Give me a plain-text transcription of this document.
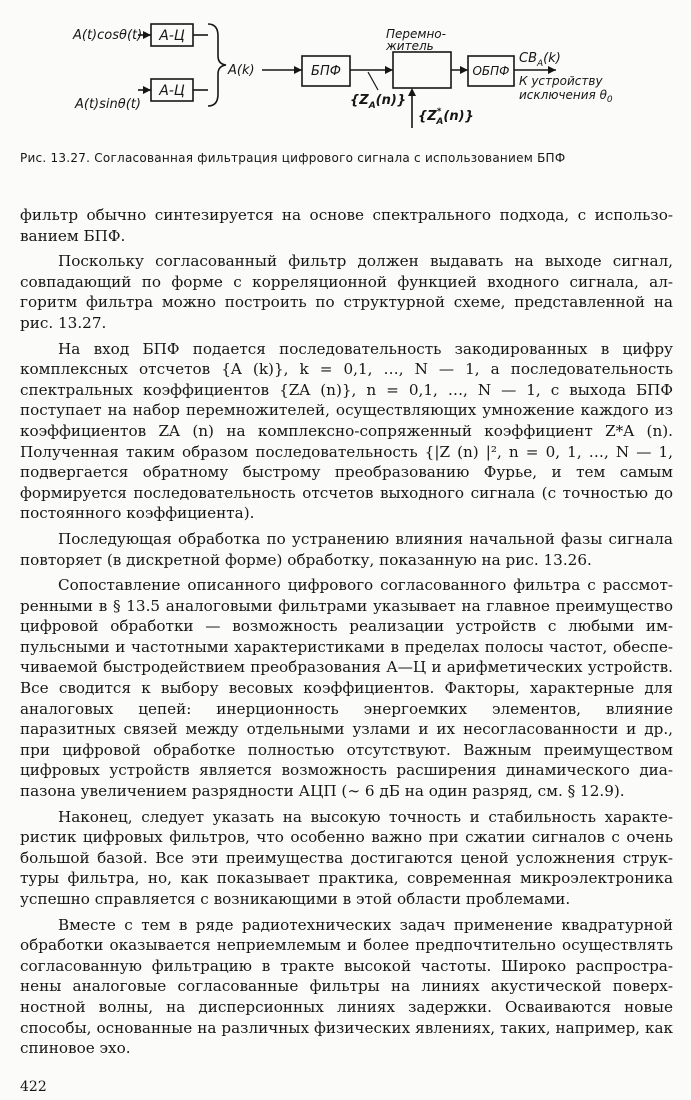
A(t)cosθ(t)
A(t)sinθ(t)
А-Ц
А-Ц
A(k)	БПФ
Перемно-
житель
ОБПФ
$\{Z_A(n)\}$
{Z* A(n)}
$СВ_A(k)$
К устройству
исключения $\theta_0$
Рис. 13.27. Согласованная фильтрация цифрового сигнала с использованием БПФ

фильтр обычно синтезируется на основе спектрального подхода, с использованием БПФ.

Поскольку согласованный фильтр должен выдавать на выходе сигнал, совпадающий по форме с корреляционной функцией входного сигнала, алгоритм фильтра можно построить по структурной схеме, представленной на рис. 13.27.

На вход БПФ подается последовательность закодированных в цифру комплексных отсчетов {A (k)}, k = 0,1, …, N — 1, а последовательность спектральных коэффициентов {ZA (n)}, n = 0,1, …, N — 1, с выхода БПФ поступает на набор перемножителей, осуществляющих умножение каждого из коэффициентов ZA (n) на комплексно-сопряженный коэффициент Z*A (n). Полученная таким образом последовательность {|Z (n) |², n = 0, 1, …, N — 1, подвергается обратному быстрому преобразованию Фурье, и тем самым формируется последовательность отсчетов выходного сигнала (с точностью до постоянного коэффициента).

Последующая обработка по устранению влияния начальной фазы сигнала повторяет (в дискретной форме) обработку, показанную на рис. 13.26.

Сопоставление описанного цифрового согласованного фильтра с рассмотренными в § 13.5 аналоговыми фильтрами указывает на главное преимущество цифровой обработки — возможность реализации устройств с любыми импульсными и частотными характеристиками в пределах полосы частот, обеспечиваемой быстродействием преобразования А—Ц и арифметических устройств. Все сводится к выбору весовых коэффициентов. Факторы, характерные для аналоговых цепей: инерционность энергоемких элементов, влияние паразитных связей между отдельными узлами и их несогласованности и др., при цифровой обработке полностью отсутствуют. Важным преимуществом цифровых устройств является возможность расширения динамического диапазона увеличением разрядности АЦП (∼ 6 дБ на один разряд, см. § 12.9).

Наконец, следует указать на высокую точность и стабильность характеристик цифровых фильтров, что особенно важно при сжатии сигналов с очень большой базой. Все эти преимущества достигаются ценой усложнения структуры фильтра, но, как показывает практика, современная микроэлектроника успешно справляется с возникающими в этой области проблемами.

Вместе с тем в ряде радиотехнических задач применение квадратурной обработки оказывается неприемлемым и более предпочтительно осуществлять согласованную фильтрацию в тракте высокой частоты. Широко распространены аналоговые согласованные фильтры на линиях акустической поверхностной волны, на дисперсионных линиях задержки. Осваиваются новые способы, основанные на различных физических явлениях, таких, например, как спиновое эхо.

422
